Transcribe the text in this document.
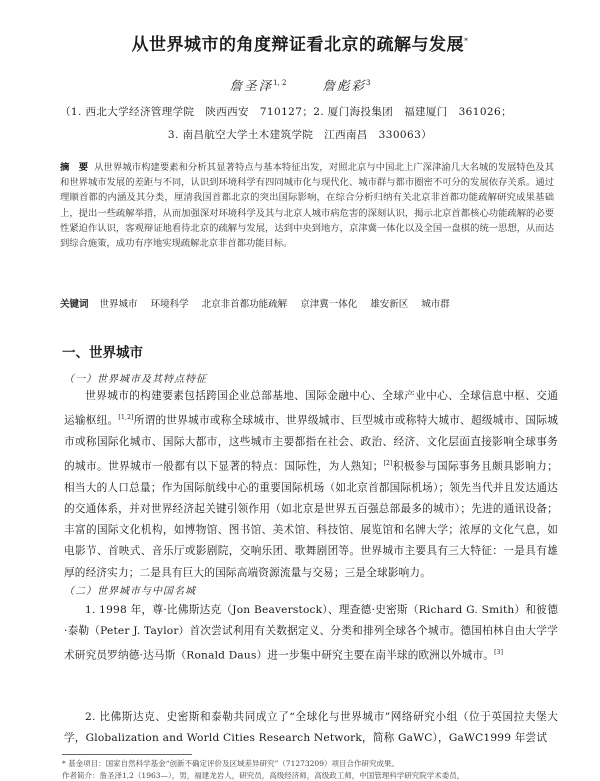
从世界城市的角度辩证看北京的疏解与发展*
詹圣泽$^{1, 2}$	詹彪彩$^3$
（1. 西北大学经济管理学院　陕西西安　710127；2. 厦门海投集团　福建厦门　361026；
3. 南昌航空大学土木建筑学院　江西南昌　330063）
摘　要 从世界城市构建要素和分析其显著特点与基本特征出发，对照北京与中国北上广深津渝几大名城的发展特色及其和世界城市发展的差距与不同，认识到环境科学有四同城市化与现代化、城市群与都市圈密不可分的发展依存关系。通过理顺首都的内涵及其分类，厘清我国首都北京的突出国际影响，在综合分析归纳有关北京非首都功能疏解研究成果基础上，提出一些疏解举措，从而加强深对环境科学及其与北京人城市病危害的深刻认识，揭示北京首都核心功能疏解的必要性紧迫作认识，客观辩证地看待北京的疏解与发展，达到中央到地方，京津冀一体化以及全国一盘棋的统一思想，从而达到综合施策，成功有序地实现疏解北京非首都功能目标。
关键词 世界城市 环境科学 北京非首都功能疏解 京津冀一体化 雄安新区 城市群
一、世界城市
（一）世界城市及其特点特征
世界城市的构建要素包括跨国企业总部基地、国际金融中心、全球产业中心、全球信息中枢、交通运输枢纽。[1,2]所谓的世界城市或称全球城市、世界级城市、巨型城市或称特大城市、超级城市、国际城市或称国际化城市、国际大都市，这些城市主要都指在社会、政治、经济、文化层面直接影响全球事务的城市。世界城市一般都有以下显著的特点：国际性，为人熟知；[2]积极参与国际事务且颇具影响力；相当大的人口总量；作为国际航线中心的重要国际机场（如北京首都国际机场）；领先当代并且发达通达的交通体系，并对世界经济起关键引领作用（如北京是世界五百强总部最多的城市）；先进的通讯设备；丰富的国际文化机构，如博物馆、图书馆、美术馆、科技馆、展览馆和名牌大学；浓厚的文化气息，如电影节、首映式、音乐厅或影剧院，交响乐团、歌舞剧团等。世界城市主要具有三大特征：一是具有雄厚的经济实力；二是具有巨大的国际高端资源流量与交易；三是全球影响力。
（二）世界城市与中国名城
1. 1998 年，尊·比佛斯达克（Jon Beaverstock）、理查德·史密斯（Richard G. Smith）和彼德·泰勒（Peter J. Taylor）首次尝试利用有关数据定义、分类和排列全球各个城市。德国柏林自由大学学术研究员罗纳德·达马斯（Ronald Daus）进一步集中研究主要在南半球的欧洲以外城市。[3]
2. 比佛斯达克、史密斯和泰勒共同成立了“全球化与世界城市”网络研究小组（位于英国拉夫堡大学，Globalization and World Cities Research Network，简称 GaWC），GaWC1999 年尝试
* 基金项目：国家自然科学基金“创新不确定评价及区域差异研究”（71273209）项目合作研究成果。
作者简介：詹圣泽1,2（1963—），男，福建龙岩人，研究员，高级经济师，高级政工师，中国管理科学研究院学术委员，
